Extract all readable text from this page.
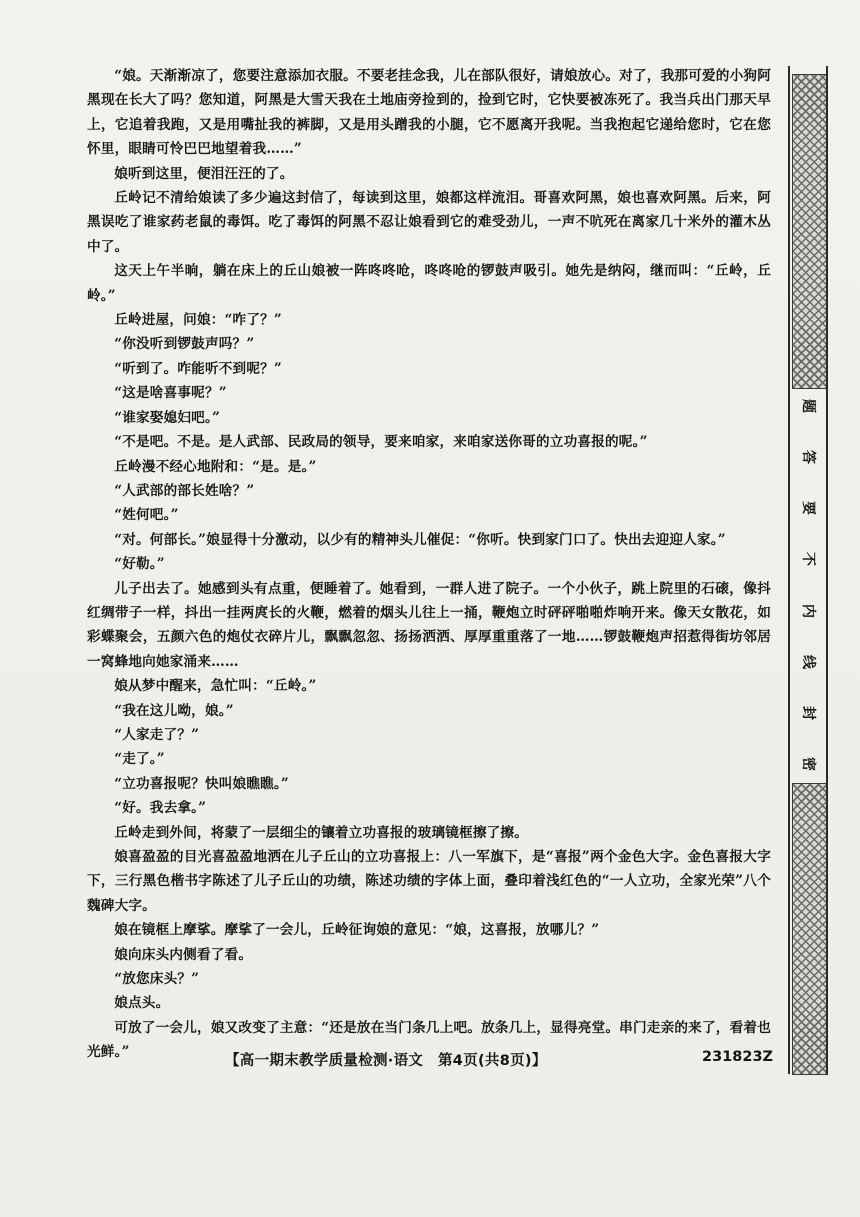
“娘。天渐渐凉了，您要注意添加衣服。不要老挂念我，儿在部队很好，请娘放心。对了，我那可爱的小狗阿黑现在长大了吗？您知道，阿黑是大雪天我在土地庙旁捡到的，捡到它时，它快要被冻死了。我当兵出门那天早上，它追着我跑，又是用嘴扯我的裤脚，又是用头蹭我的小腿，它不愿离开我呢。当我抱起它递给您时，它在您怀里，眼睛可怜巴巴地望着我……”

娘听到这里，便泪汪汪的了。

丘岭记不清给娘读了多少遍这封信了，每读到这里，娘都这样流泪。哥喜欢阿黑，娘也喜欢阿黑。后来，阿黑误吃了谁家药老鼠的毒饵。吃了毒饵的阿黑不忍让娘看到它的难受劲儿，一声不吭死在离家几十米外的灌木丛中了。

这天上午半晌，躺在床上的丘山娘被一阵咚咚呛，咚咚呛的锣鼓声吸引。她先是纳闷，继而叫：“丘岭，丘岭。”

丘岭进屋，问娘：“咋了？”

“你没听到锣鼓声吗？”

“听到了。咋能听不到呢？”

“这是啥喜事呢？”

“谁家娶媳妇吧。”

“不是吧。不是。是人武部、民政局的领导，要来咱家，来咱家送你哥的立功喜报的呢。”

丘岭漫不经心地附和：“是。是。”

“人武部的部长姓啥？”

“姓何吧。”

“对。何部长。”娘显得十分激动，以少有的精神头儿催促：“你听。快到家门口了。快出去迎迎人家。”

“好勒。”

儿子出去了。她感到头有点重，便睡着了。她看到，一群人进了院子。一个小伙子，跳上院里的石磙，像抖红绸带子一样，抖出一挂两庹长的火鞭，燃着的烟头儿往上一捅，鞭炮立时砰砰啪啪炸响开来。像天女散花，如彩蝶聚会，五颜六色的炮仗衣碎片儿，飘飘忽忽、扬扬洒洒、厚厚重重落了一地……锣鼓鞭炮声招惹得街坊邻居一窝蜂地向她家涌来……

娘从梦中醒来，急忙叫：“丘岭。”

“我在这儿呦，娘。”

“人家走了？”

“走了。”

“立功喜报呢？快叫娘瞧瞧。”

“好。我去拿。”

丘岭走到外间，将蒙了一层细尘的镶着立功喜报的玻璃镜框擦了擦。

娘喜盈盈的目光喜盈盈地洒在儿子丘山的立功喜报上：八一军旗下，是“喜报”两个金色大字。金色喜报大字下，三行黑色楷书字陈述了儿子丘山的功绩，陈述功绩的字体上面，叠印着浅红色的“一人立功，全家光荣”八个魏碑大字。

娘在镜框上摩挲。摩挲了一会儿，丘岭征询娘的意见：“娘，这喜报，放哪儿？”

娘向床头内侧看了看。

“放您床头？”

娘点头。

可放了一会儿，娘又改变了主意：“还是放在当门条几上吧。放条几上，显得亮堂。串门走亲的来了，看着也光鲜。”

【高一期末教学质量检测·语文　第4页(共8页)】	231823Z
题
答
要
不
内
线
封
密
